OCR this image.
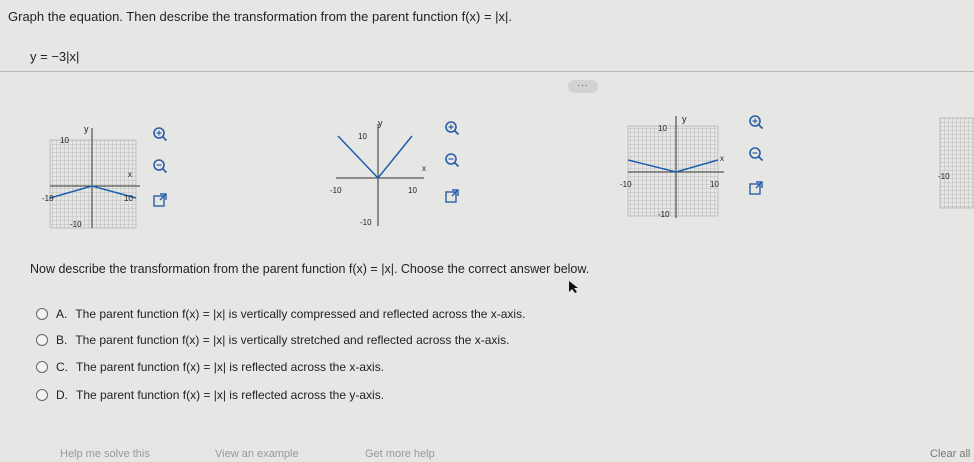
Graph the equation. Then describe the transformation from the parent function f(x) = |x|.
y = −3|x|
...
y
10
x
10
-10
-10
y
10
x
10
-10
-10
y
10
x
10
-10
-10
-10
Now describe the transformation from the parent function f(x) = |x|. Choose the correct answer below.
A. The parent function f(x) = |x| is vertically compressed and reflected across the x-axis.
B. The parent function f(x) = |x| is vertically stretched and reflected across the x-axis.
C. The parent function f(x) = |x| is reflected across the x-axis.
D. The parent function f(x) = |x| is reflected across the y-axis.
Help me solve this	View an example	Get more help	Clear all
